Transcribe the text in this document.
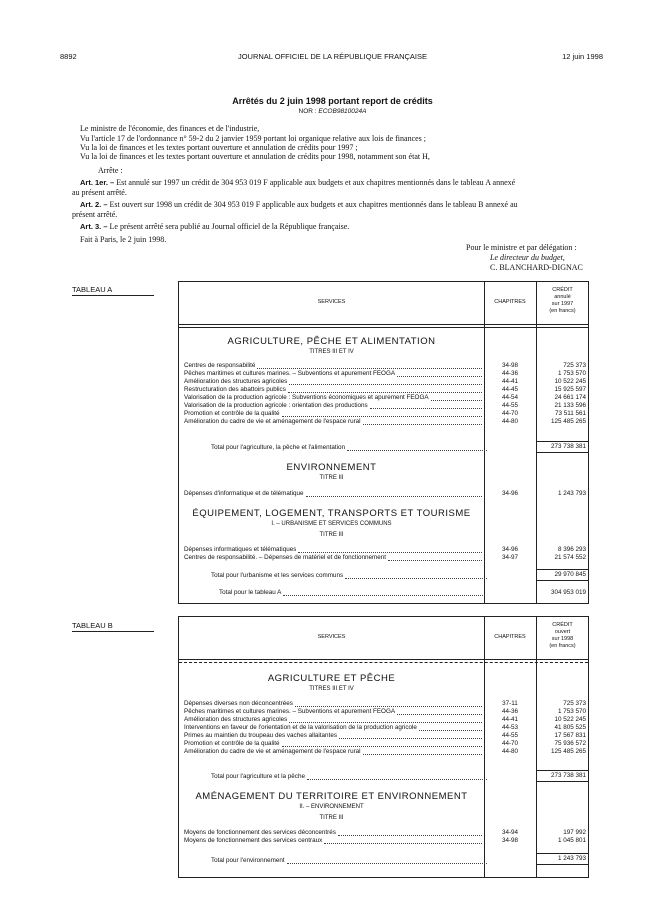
8892	JOURNAL OFFICIEL DE LA RÉPUBLIQUE FRANÇAISE	12 juin 1998
Arrêtés du 2 juin 1998 portant report de crédits
NOR : ECOB9810024A
Le ministre de l'économie, des finances et de l'industrie,
Vu l'article 17 de l'ordonnance n° 59-2 du 2 janvier 1959 portant loi organique relative aux lois de finances ;
Vu la loi de finances et les textes portant ouverture et annulation de crédits pour 1997 ;
Vu la loi de finances et les textes portant ouverture et annulation de crédits pour 1998, notamment son état H,
Arrête :
Art. 1er. – Est annulé sur 1997 un crédit de 304 953 019 F applicable aux budgets et aux chapitres mentionnés dans le tableau A annexé
au présent arrêté.
Art. 2. – Est ouvert sur 1998 un crédit de 304 953 019 F applicable aux budgets et aux chapitres mentionnés dans le tableau B annexé au
présent arrêté.
Art. 3. – Le présent arrêté sera publié au Journal officiel de la République française.
Fait à Paris, le 2 juin 1998.
Pour le ministre et par délégation :
Le directeur du budget,
C. BLANCHARD-DIGNAC
TABLEAU A
SERVICES	CHAPITRES
CRÉDIT
annulé
sur 1997
(en francs)
AGRICULTURE, PÊCHE ET ALIMENTATION
TITRES III ET IV
Centres de responsabilité	34-98	725 373
Pêches maritimes et cultures marines. – Subventions et apurement FEOGA	44-36	1 753 570
Amélioration des structures agricoles	44-41	10 522 245
Restructuration des abattoirs publics	44-45	15 925 597
Valorisation de la production agricole : Subventions économiques et apurement FEOGA	44-54	24 661 174
Valorisation de la production agricole : orientation des productions	44-55	21 133 596
Promotion et contrôle de la qualité	44-70	73 511 561
Amélioration du cadre de vie et aménagement de l'espace rural	44-80	125 485 265
Total pour l'agriculture, la pêche et l'alimentation	273 738 381
ENVIRONNEMENT
TITRE III
Dépenses d'informatique et de télématique	34-96	1 243 793
ÉQUIPEMENT, LOGEMENT, TRANSPORTS ET TOURISME
I. – URBANISME ET SERVICES COMMUNS
TITRE III
Dépenses informatiques et télématiques	34-96	8 396 293
Centres de responsabilité. – Dépenses de matériel et de fonctionnement	34-97	21 574 552
Total pour l'urbanisme et les services communs	29 970 845
Total pour le tableau A	304 953 019
TABLEAU B
SERVICES	CHAPITRES
CRÉDIT
ouvert
sur 1998
(en francs)
AGRICULTURE ET PÊCHE
TITRES III ET IV
Dépenses diverses non déconcentrées	37-11	725 373
Pêches maritimes et cultures marines. – Subventions et apurement FEOGA	44-36	1 753 570
Amélioration des structures agricoles	44-41	10 522 245
Interventions en faveur de l'orientation et de la valorisation de la production agricole	44-53	41 805 525
Primes au maintien du troupeau des vaches allaitantes	44-55	17 567 831
Promotion et contrôle de la qualité	44-70	75 936 572
Amélioration du cadre de vie et aménagement de l'espace rural	44-80	125 485 265
Total pour l'agriculture et la pêche	273 738 381
AMÉNAGEMENT DU TERRITOIRE ET ENVIRONNEMENT
II. – ENVIRONNEMENT
TITRE III
Moyens de fonctionnement des services déconcentrés	34-94	197 992
Moyens de fonctionnement des services centraux	34-98	1 045 801
Total pour l'environnement	1 243 793
